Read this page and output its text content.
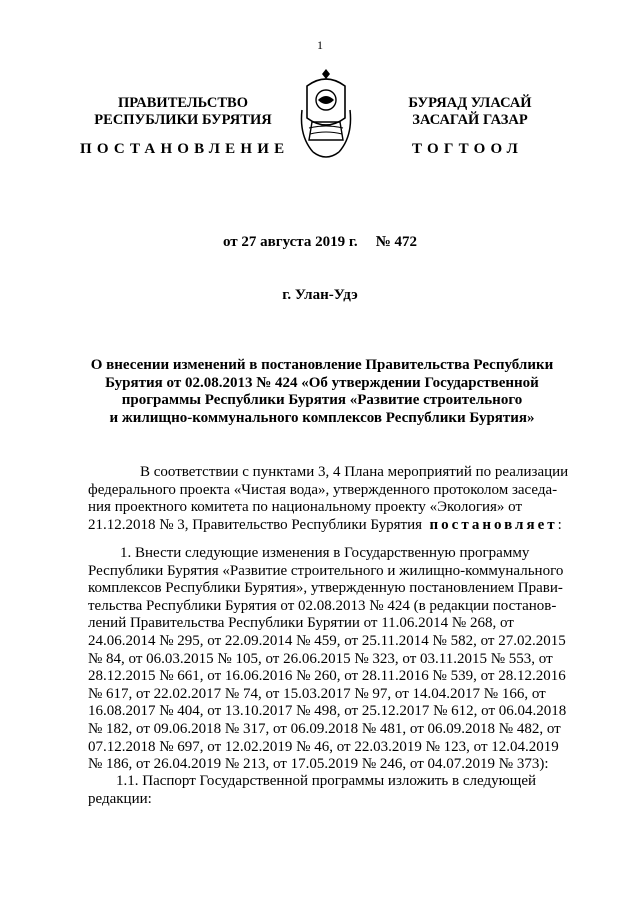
1
ПРАВИТЕЛЬСТВО
РЕСПУБЛИКИ БУРЯТИЯ
БУРЯАД УЛАСАЙ
ЗАСАГАЙ ГАЗАР
ПОСТАНОВЛЕНИЕ	ТОГТООЛ
от 27 августа 2019 г. № 472
г. Улан-Удэ
О внесении изменений в постановление Правительства Республики
Бурятия от 02.08.2013 № 424 «Об утверждении Государственной
программы Республики Бурятия «Развитие строительного
и жилищно-коммунального комплексов Республики Бурятия»
В соответствии с пунктами 3, 4 Плана мероприятий по реализации
федерального проекта «Чистая вода», утвержденного протоколом заседа-
ния проектного комитета по национальному проекту «Экология» от
21.12.2018 № 3, Правительство Республики Бурятия
постановляет :
1. Внести следующие изменения в Государственную программу
Республики Бурятия «Развитие строительного и жилищно-коммунального
комплексов Республики Бурятия», утвержденную постановлением Прави-
тельства Республики Бурятия от 02.08.2013 № 424 (в редакции постанов-
лений Правительства Республики Бурятии от 11.06.2014 № 268, от
24.06.2014 № 295, от 22.09.2014 № 459, от 25.11.2014 № 582, от 27.02.2015
№ 84, от 06.03.2015 № 105, от 26.06.2015 № 323, от 03.11.2015 № 553, от
28.12.2015 № 661, от 16.06.2016 № 260, от 28.11.2016 № 539, от 28.12.2016
№ 617, от 22.02.2017 № 74, от 15.03.2017 № 97, от 14.04.2017 № 166, от
16.08.2017 № 404, от 13.10.2017 № 498, от 25.12.2017 № 612, от 06.04.2018
№ 182, от 09.06.2018 № 317, от 06.09.2018 № 481, от 06.09.2018 № 482, от
07.12.2018 № 697, от 12.02.2019 № 46, от 22.03.2019 № 123, от 12.04.2019
№ 186, от 26.04.2019 № 213, от 17.05.2019 № 246, от 04.07.2019 № 373):
1.1. Паспорт Государственной программы изложить в следующей
редакции:
